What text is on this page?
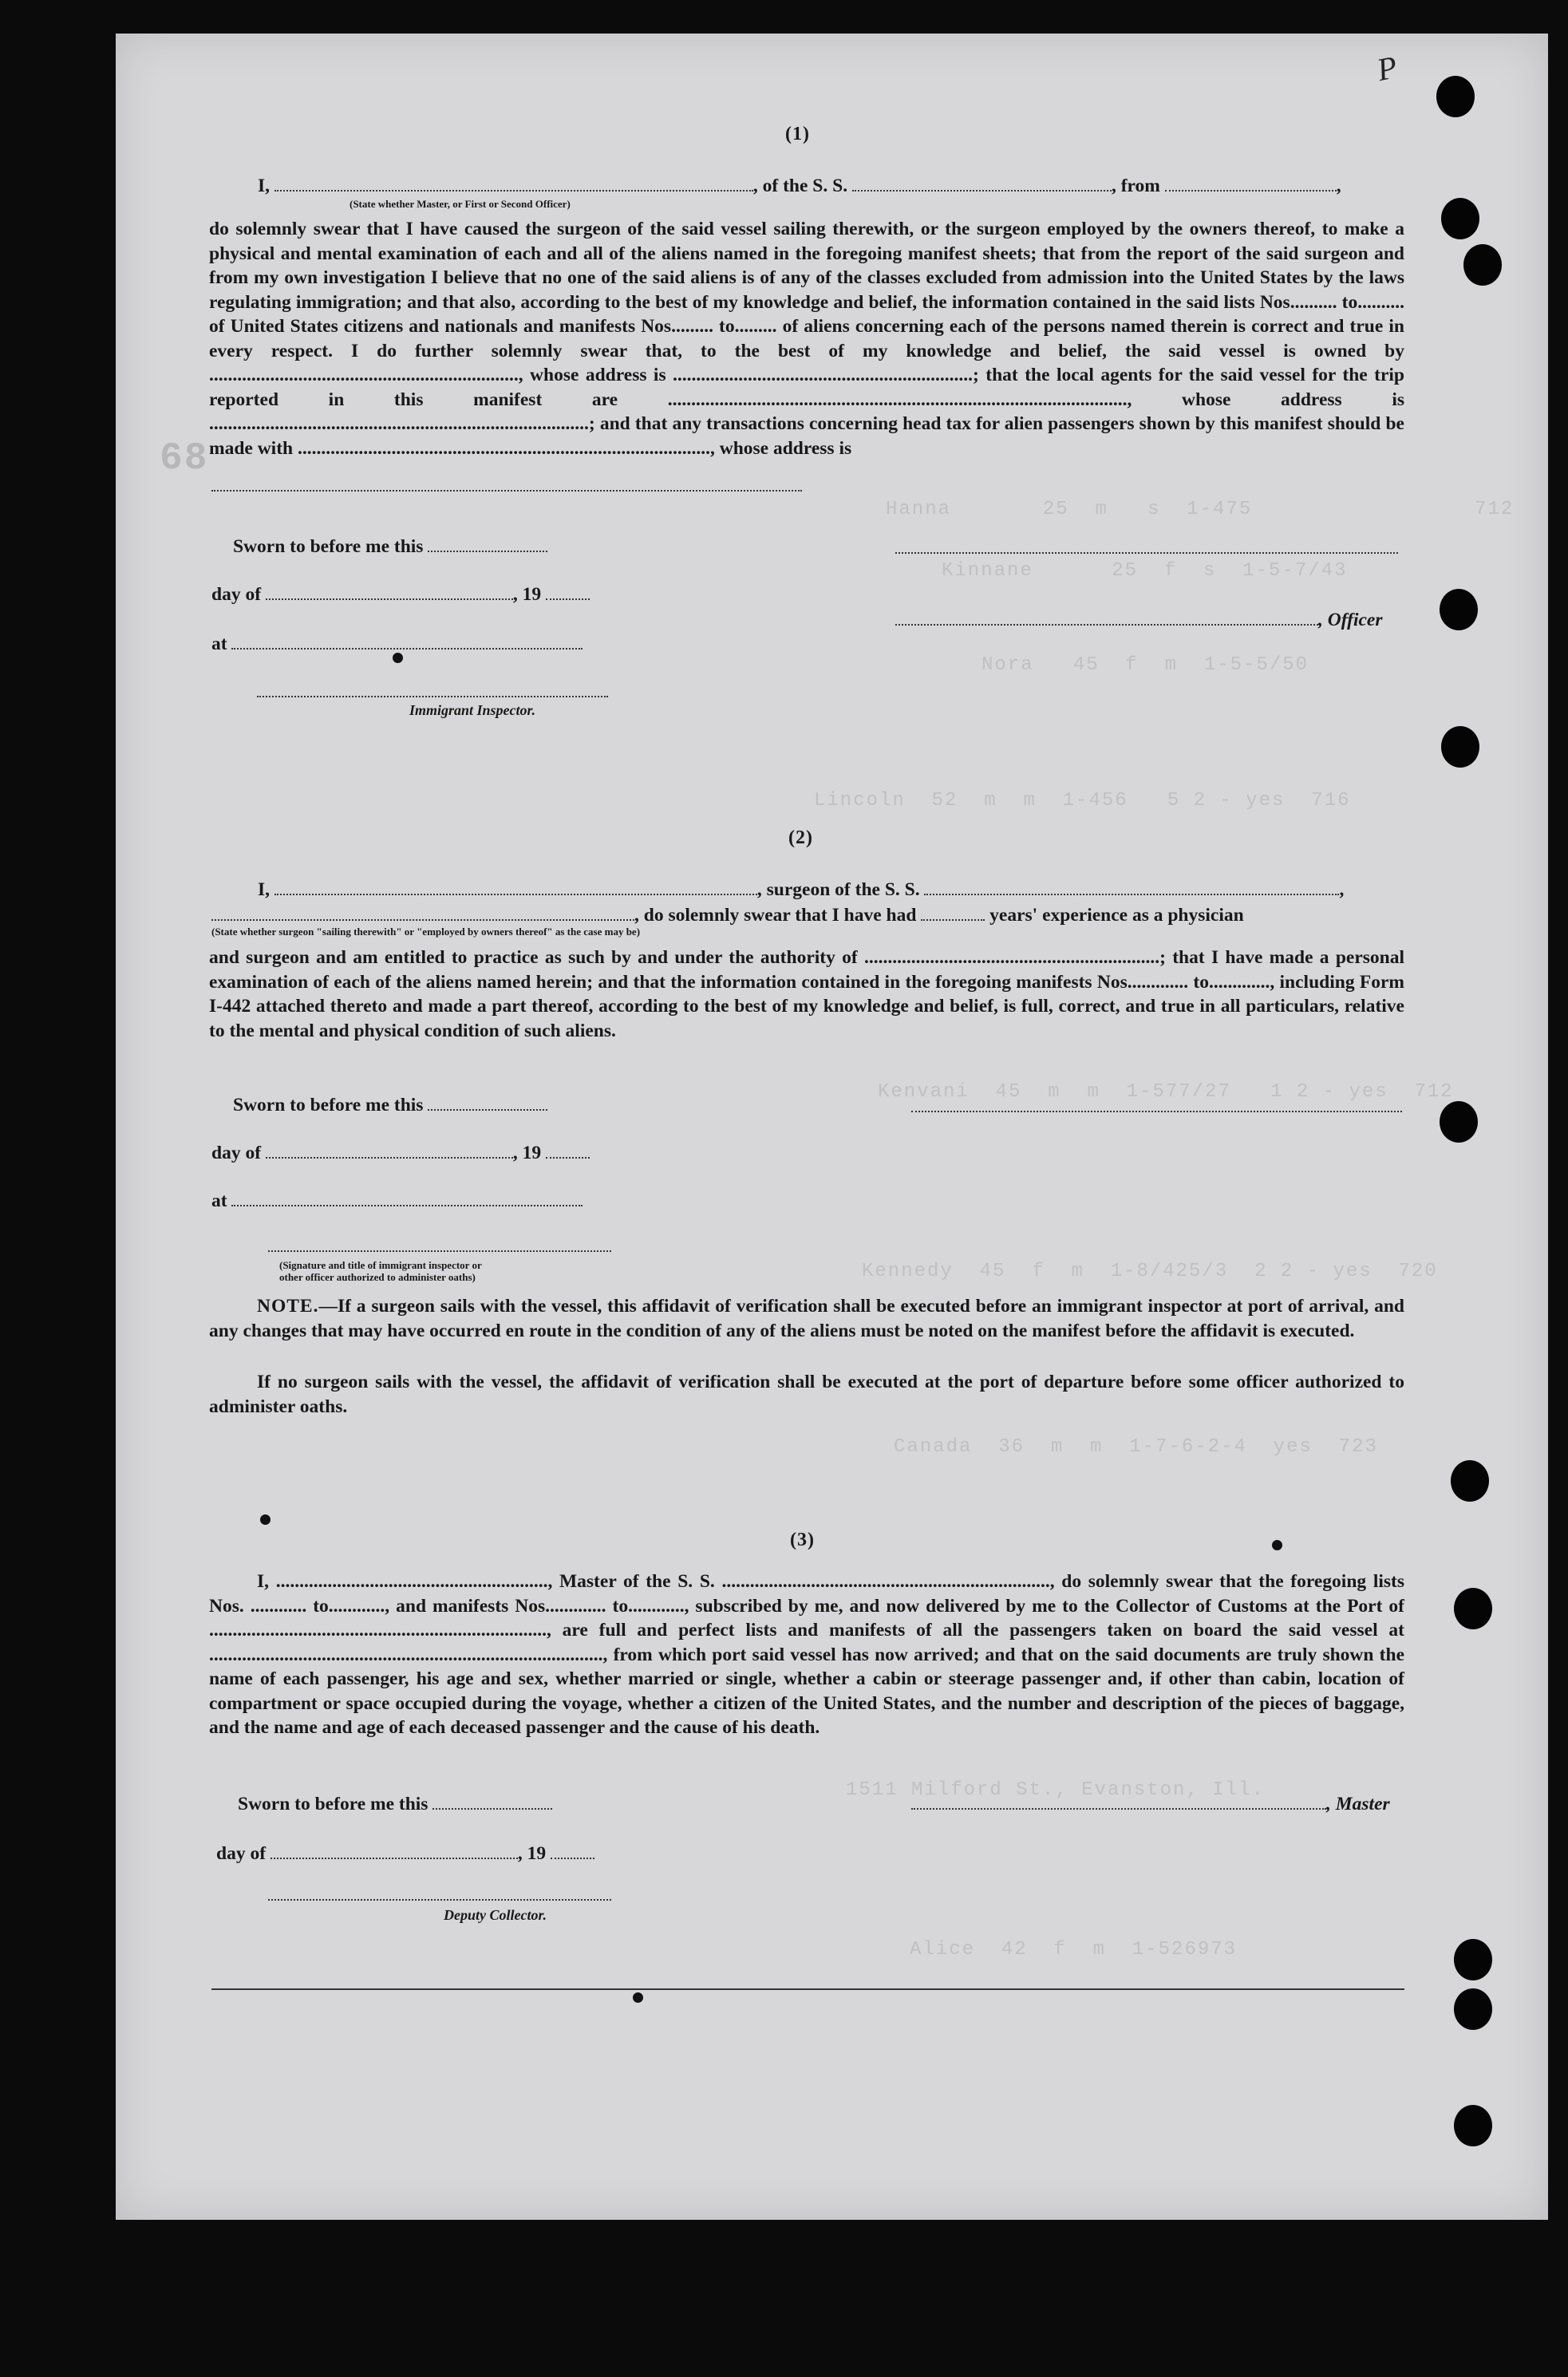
P
Hanna       25  m   s  1-475                 712
Kinnane      25  f  s  1-5-7/43
Nora   45  f  m  1-5-5/50
Lincoln  52  m  m  1-456   5 2 - yes  716
Kenvani  45  m  m  1-577/27   1 2 - yes  712
Kennedy  45  f  m  1-8/425/3  2 2 - yes  720
Canada  36  m  m  1-7-6-2-4  yes  723
1511 Milford St., Evanston, Ill.
Alice  42  f  m  1-526973
68
(1)
I,	, of the S. S.	, from	,
(State whether Master, or First or Second Officer)
do solemnly swear that I have caused the surgeon of the said vessel sailing therewith, or the surgeon employed by the owners thereof, to make a physical and mental examination of each and all of the aliens named in the foregoing manifest sheets; that from the report of the said surgeon and from my own investigation I believe that no one of the said aliens is of any of the classes excluded from admission into the United States by the laws regulating immigration; and that also, according to the best of my knowledge and belief, the information contained in the said lists Nos.......... to.......... of United States citizens and nationals and manifests Nos......... to......... of aliens concerning each of the persons named therein is correct and true in every respect. I do further solemnly swear that, to the best of my knowledge and belief, the said vessel is owned by .................................................................., whose address is ................................................................; that the local agents for the said vessel for the trip reported in this manifest are .................................................................................................., whose address is .................................................................................; and that any transactions concerning head tax for alien passengers shown by this manifest should be made with ........................................................................................, whose address is
Sworn to before me this
day of	, 19
, Officer
at
Immigrant Inspector.
(2)
I,	, surgeon of the S. S.	,
, do solemnly swear that I have had	years' experience as a physician
(State whether surgeon "sailing therewith" or "employed by owners thereof" as the case may be)
and surgeon and am entitled to practice as such by and under the authority of ...............................................................; that I have made a personal examination of each of the aliens named herein; and that the information contained in the foregoing manifests Nos............. to............., including Form I-442 attached thereto and made a part thereof, according to the best of my knowledge and belief, is full, correct, and true in all particulars, relative to the mental and physical condition of such aliens.
Sworn to before me this
day of	, 19
at
(Signature and title of immigrant inspector or
other officer authorized to administer oaths)
NOTE.—If a surgeon sails with the vessel, this affidavit of verification shall be executed before an immigrant inspector at port of arrival, and any changes that may have occurred en route in the condition of any of the aliens must be noted on the manifest before the affidavit is executed.
If no surgeon sails with the vessel, the affidavit of verification shall be executed at the port of departure before some officer authorized to administer oaths.
(3)
I, .........................................................., Master of the S. S. ......................................................................, do solemnly swear that the foregoing lists Nos. ............ to............, and manifests Nos............. to............, subscribed by me, and now delivered by me to the Collector of Customs at the Port of ........................................................................, are full and perfect lists and manifests of all the passengers taken on board the said vessel at ...................................................................................., from which port said vessel has now arrived; and that on the said documents are truly shown the name of each passenger, his age and sex, whether married or single, whether a cabin or steerage passenger and, if other than cabin, location of compartment or space occupied during the voyage, whether a citizen of the United States, and the number and description of the pieces of baggage, and the name and age of each deceased passenger and the cause of his death.
Sworn to before me this	, Master
day of	, 19
Deputy Collector.
